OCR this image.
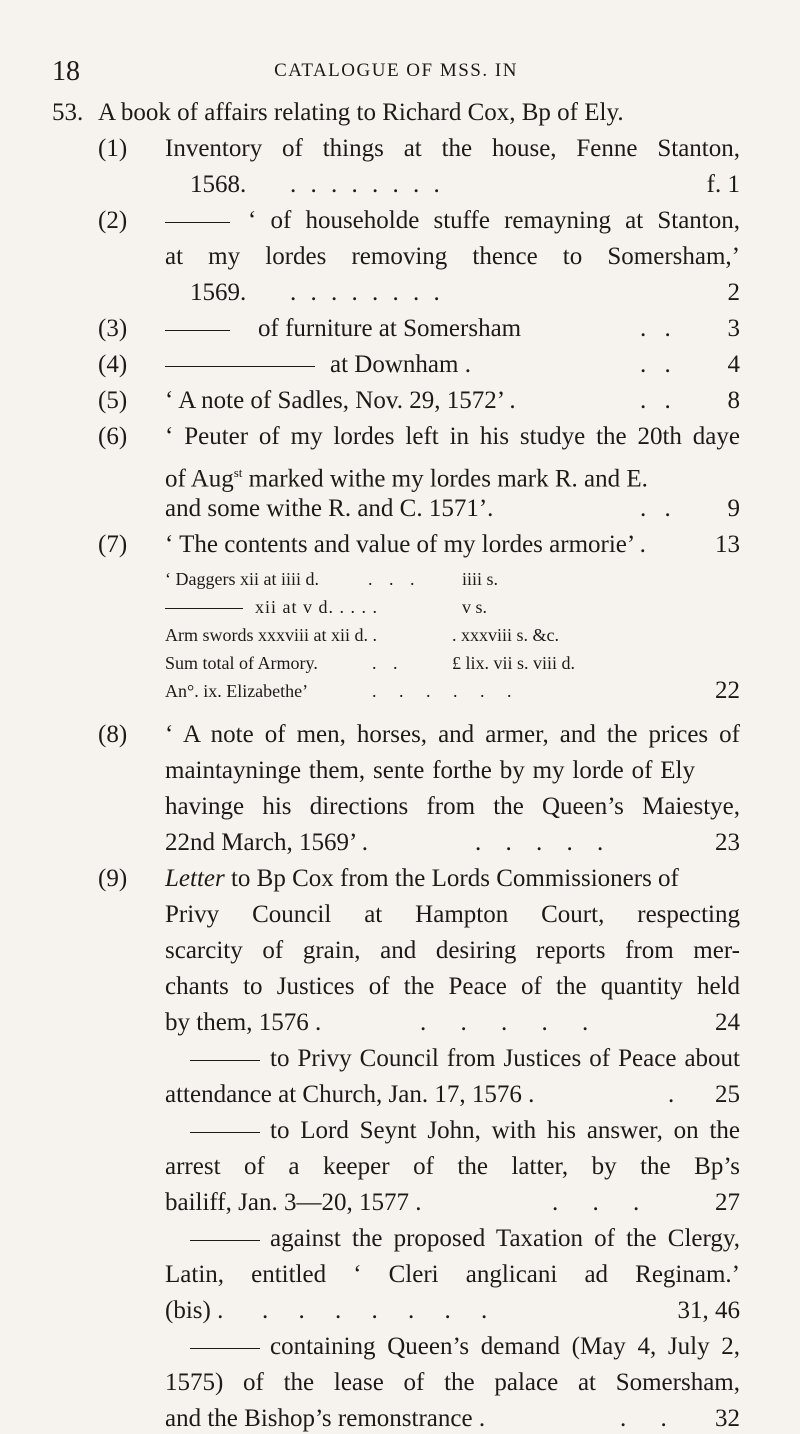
18	CATALOGUE OF MSS. IN
53. A book of affairs relating to Richard Cox, Bp of Ely.
(1) Inventory of things at the house, Fenne Stanton,
1568. . . . . . . . .	f. 1
(2)	‘ of householde stuffe remayning at Stanton,
at my lordes removing thence to Somersham,’
1569. . . . . . . . .	2
(3)	of furniture at Somersham	. .	3
(4)	at Downham .	. .	4
(5) ‘ A note of Sadles, Nov. 29, 1572’ .	. .	8
(6) ‘ Peuter of my lordes left in his studye the 20th daye
of Aug$^{st}$ marked withe my lordes mark R. and E.
and some withe R. and C. 1571’.	. .	9
(7) ‘ The contents and value of my lordes armorie’ .	13
‘ Daggers xii at iiii d.	. . . iiii s.
xii at v d. . . . .	v s.
Arm swords xxxviii at xii d. .	. xxxviii s. &c.
Sum total of Armory.	. .	£ lix. vii s. viii d.
An°. ix. Elizabethe’	. . . . . .	22
(8) ‘ A note of men, horses, and armer, and the prices of
maintayninge them, sente forthe by my lorde of Ely
havinge his directions from the Queen’s Maiestye,
22nd March, 1569’ .	. . . . .	23
(9) Letter to Bp Cox from the Lords Commissioners of
Privy Council at Hampton Court, respecting
scarcity of grain, and desiring reports from mer-
chants to Justices of the Peace of the quantity held
by them, 1576 .	. . . . .	24
to Privy Council from Justices of Peace about
attendance at Church, Jan. 17, 1576 .	.	25
to Lord Seynt John, with his answer, on the
arrest of a keeper of the latter, by the Bp’s
bailiff, Jan. 3—20, 1577 .	. . .	27
against the proposed Taxation of the Clergy,
Latin, entitled ‘ Cleri anglicani ad Reginam.’
(bis) . . . . . . . .	31, 46
containing Queen’s demand (May 4, July 2,
1575) of the lease of the palace at Somersham,
and the Bishop’s remonstrance .	. .	32
